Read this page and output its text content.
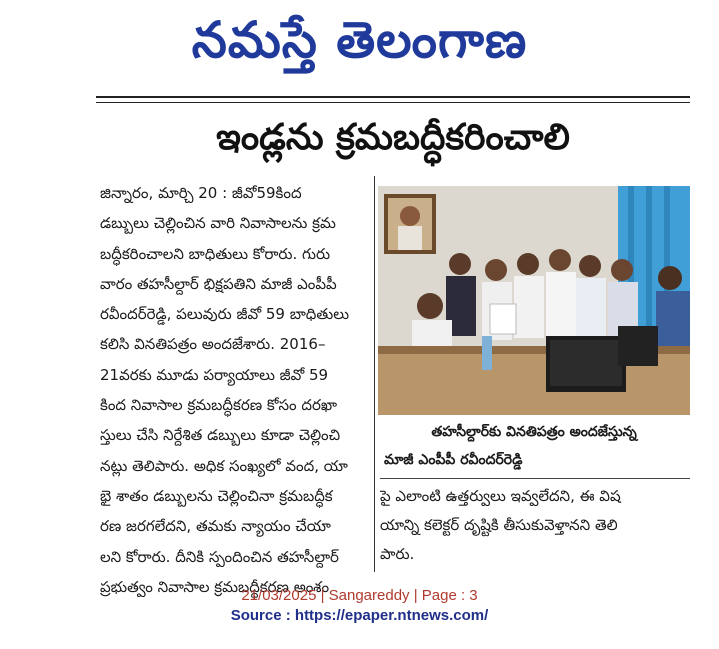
నమస్తే తెలంగాణ
ఇండ్లను క్రమబద్ధీకరించాలి
జిన్నారం, మార్చి 20 : జీవో59కింద
డబ్బులు చెల్లించిన వారి నివాసాలను క్రమ
బద్ధీకరించాలని బాధితులు కోరారు. గురు
వారం తహసీల్దార్ భిక్షపతిని మాజీ ఎంపీపీ
రవీందర్‌రెడ్డి, పలువురు జీవో 59 బాధితులు
కలిసి వినతిపత్రం అందజేశారు. 2016–
21వరకు మూడు పర్యాయాలు జీవో 59
కింద నివాసాల క్రమబద్ధీకరణ కోసం దరఖా
స్తులు చేసి నిర్దేశిత డబ్బులు కూడా చెల్లించి
నట్లు తెలిపారు. అధిక సంఖ్యలో వంద, యా
భై శాతం డబ్బులను చెల్లించినా క్రమబద్ధీక
రణ జరగలేదని, తమకు న్యాయం చేయా
లని కోరారు. దీనికి స్పందించిన తహసీల్దార్
ప్రభుత్వం నివాసాల క్రమబద్ధీకరణ అంశం
తహసీల్దార్‌కు వినతిపత్రం అందజేస్తున్న
మాజీ ఎంపీపీ రవీందర్‌రెడ్డి
పై ఎలాంటి ఉత్తర్వులు ఇవ్వలేదని, ఈ విష
యాన్ని కలెక్టర్ దృష్టికి తీసుకువెళ్తానని తెలి
పారు.
21/03/2025 | Sangareddy | Page : 3
Source : https://epaper.ntnews.com/
